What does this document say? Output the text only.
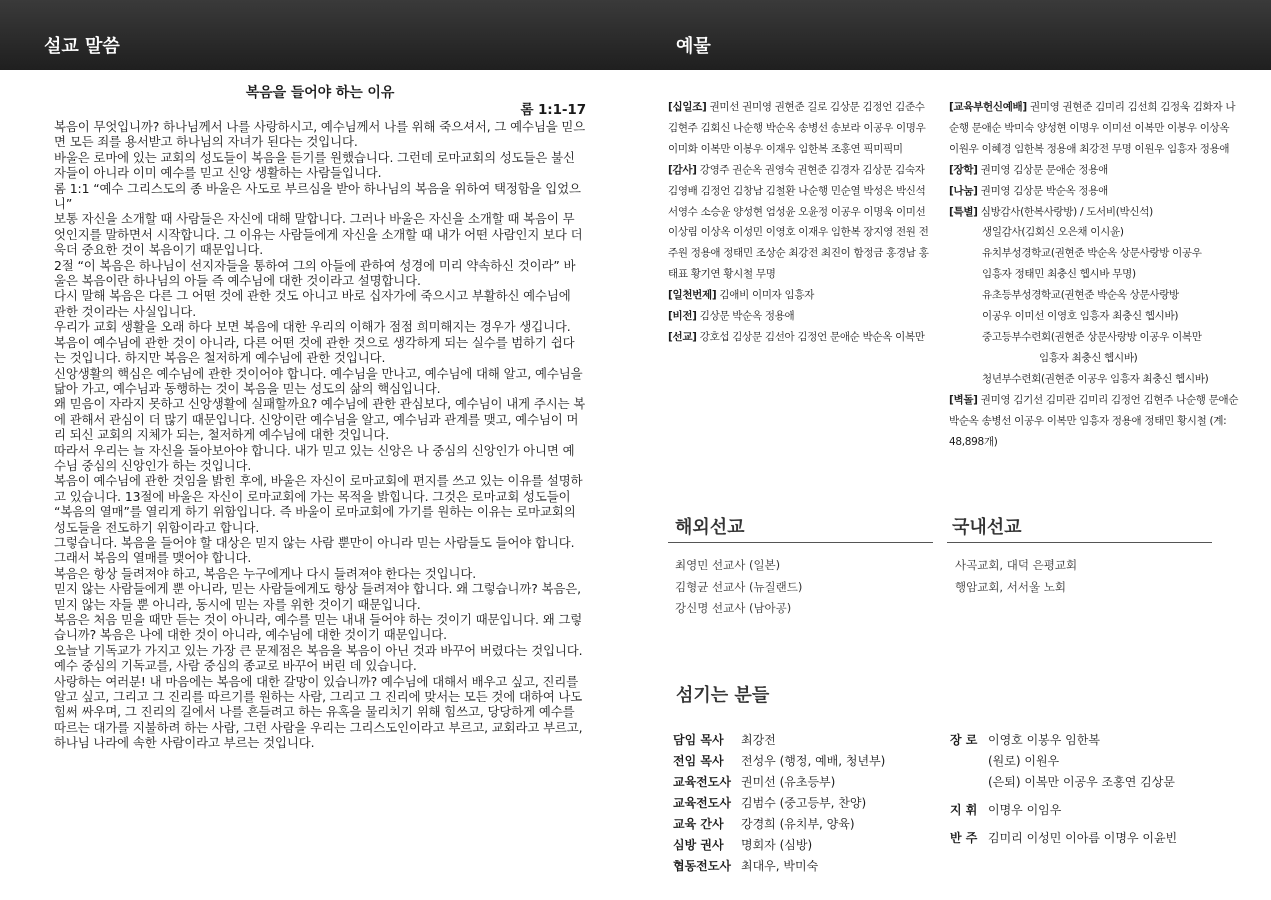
설교 말씀	예물
복음을 들어야 하는 이유
롬 1:1-17

복음이 무엇입니까? 하나님께서 나를 사랑하시고, 예수님께서 나를 위해 죽으셔서, 그 예수님을 믿으면 모든 죄를 용서받고 하나님의 자녀가 된다는 것입니다.

바울은 로마에 있는 교회의 성도들이 복음을 듣기를 원했습니다. 그런데 로마교회의 성도들은 불신자들이 아니라 이미 예수를 믿고 신앙 생활하는 사람들입니다.

롬 1:1 “예수 그리스도의 종 바울은 사도로 부르심을 받아 하나님의 복음을 위하여 택정함을 입었으니”

보통 자신을 소개할 때 사람들은 자신에 대해 말합니다. 그러나 바울은 자신을 소개할 때 복음이 무엇인지를 말하면서 시작합니다. 그 이유는 사람들에게 자신을 소개할 때 내가 어떤 사람인지 보다 더욱더 중요한 것이 복음이기 때문입니다.

2절 “이 복음은 하나님이 선지자들을 통하여 그의 아들에 관하여 성경에 미리 약속하신 것이라” 바울은 복음이란 하나님의 아들 즉 예수님에 대한 것이라고 설명합니다.

다시 말해 복음은 다른 그 어떤 것에 관한 것도 아니고 바로 십자가에 죽으시고 부활하신 예수님에 관한 것이라는 사실입니다.

우리가 교회 생활을 오래 하다 보면 복음에 대한 우리의 이해가 점점 희미해지는 경우가 생깁니다. 복음이 예수님에 관한 것이 아니라, 다른 어떤 것에 관한 것으로 생각하게 되는 실수를 범하기 쉽다는 것입니다. 하지만 복음은 철저하게 예수님에 관한 것입니다.

신앙생활의 핵심은 예수님에 관한 것이어야 합니다. 예수님을 만나고, 예수님에 대해 알고, 예수님을 닮아 가고, 예수님과 동행하는 것이 복음을 믿는 성도의 삶의 핵심입니다.

왜 믿음이 자라지 못하고 신앙생활에 실패할까요? 예수님에 관한 관심보다, 예수님이 내게 주시는 복에 관해서 관심이 더 많기 때문입니다. 신앙이란 예수님을 알고, 예수님과 관계를 맺고, 예수님이 머리 되신 교회의 지체가 되는, 철저하게 예수님에 대한 것입니다.

따라서 우리는 늘 자신을 돌아보아야 합니다. 내가 믿고 있는 신앙은 나 중심의 신앙인가 아니면 예수님 중심의 신앙인가 하는 것입니다.

복음이 예수님에 관한 것임을 밝힌 후에, 바울은 자신이 로마교회에 편지를 쓰고 있는 이유를 설명하고 있습니다. 13절에 바울은 자신이 로마교회에 가는 목적을 밝힙니다. 그것은 로마교회 성도들이 “복음의 열매”를 열리게 하기 위함입니다. 즉 바울이 로마교회에 가기를 원하는 이유는 로마교회의 성도들을 전도하기 위함이라고 합니다.

그렇습니다. 복음을 들어야 할 대상은 믿지 않는 사람 뿐만이 아니라 믿는 사람들도 들어야 합니다. 그래서 복음의 열매를 맺어야 합니다.

복음은 항상 들려져야 하고, 복음은 누구에게나 다시 들려져야 한다는 것입니다.

믿지 않는 사람들에게 뿐 아니라, 믿는 사람들에게도 항상 들려져야 합니다. 왜 그렇습니까? 복음은, 믿지 않는 자들 뿐 아니라, 동시에 믿는 자를 위한 것이기 때문입니다.

복음은 처음 믿을 때만 듣는 것이 아니라, 예수를 믿는 내내 들어야 하는 것이기 때문입니다. 왜 그렇습니까? 복음은 나에 대한 것이 아니라, 예수님에 대한 것이기 때문입니다.

오늘날 기독교가 가지고 있는 가장 큰 문제점은 복음을 복음이 아닌 것과 바꾸어 버렸다는 것입니다. 예수 중심의 기독교를, 사람 중심의 종교로 바꾸어 버린 데 있습니다.

사랑하는 여러분! 내 마음에는 복음에 대한 갈망이 있습니까? 예수님에 대해서 배우고 싶고, 진리를 알고 싶고, 그리고 그 진리를 따르기를 원하는 사람, 그리고 그 진리에 맞서는 모든 것에 대하여 나도 힘써 싸우며, 그 진리의 길에서 나를 흔들려고 하는 유혹을 물리치기 위해 힘쓰고, 당당하게 예수를 따르는 대가를 지불하려 하는 사람, 그런 사람을 우리는 그리스도인이라고 부르고, 교회라고 부르고, 하나님 나라에 속한 사람이라고 부르는 것입니다.

[십일조] 권미선 권미영 권현준 길로 김상문 김정언 김준수 김현주 김회신 나순행 박순옥 송병선 송보라 이공우 이명우 이미화 이복만 이봉우 이재우 임한복 조홍연 픽미픽미

[감사] 강영주 권순옥 권영숙 권현준 김경자 김상문 김숙자 김영배 김정언 김창남 김철환 나순행 민순열 박성은 박신석 서영수 소승윤 양성현 엄성윤 오윤정 이공우 이명욱 이미선 이상림 이상옥 이성민 이영호 이재우 임한복 장지영 전원 전주원 정용애 정태민 조상순 최강전 최진이 함정금 홍경남 홍태표 황기연 황시철 무명

[일천번제] 김애비 이미자 임흥자

[비전] 김상문 박순옥 정용애

[선교] 강호섭 김상문 김선아 김정언 문애순 박순옥 이복만

[교육부헌신예배] 권미영 권현준 김미리 김선희 김정욱 김화자 나순행 문애순 박미숙 양성현 이명우 이미선 이복만 이봉우 이상옥 이원우 이혜경 임한복 정용애 최강전 무명 이원우 임흥자 정용애

[장학] 권미영 김상문 문애순 정용애

[나눔] 권미영 김상문 박순옥 정용애

[특별] 심방감사(한복사랑방) / 도서비(박신석)

생일감사(김회신 오은채 이시윤)

유치부성경학교(권현준 박순옥 상문사랑방 이공우

임흥자 정태민 최충신 헵시바 무명)

유초등부성경학교(권현준 박순옥 상문사랑방

이공우 이미선 이영호 임흥자 최충신 헵시바)

중고등부수련회(권현준 상문사랑방 이공우 이복만

임흥자 최충신 헵시바)

청년부수련회(권현준 이공우 임흥자 최충신 헵시바)

[벽돌] 권미영 김기선 김미관 김미리 김정언 김현주 나순행 문애순 박순옥 송병선 이공우 이복만 임흥자 정용애 정태민 황시철 (계: 48,898개)

해외선교
최영민 선교사 (일본)
김형균 선교사 (뉴질랜드)
강신명 선교사 (남아공)
국내선교
사곡교회, 대덕 은평교회
행암교회, 서서울 노회
섬기는 분들
담임 목사 최강전
전임 목사 전성우 (행정, 예배, 청년부)
교육전도사 권미선 (유초등부)
교육전도사 김범수 (중고등부, 찬양)
교육 간사 강경희 (유치부, 양육)
심방 권사 명회자 (심방)
협동전도사 최대우, 박미숙
장 로 이영호 이봉우 임한복
(원로) 이원우
(은퇴) 이복만 이공우 조홍연 김상문
지 휘 이명우 이임우
반 주 김미리 이성민 이아름 이명우 이윤빈
